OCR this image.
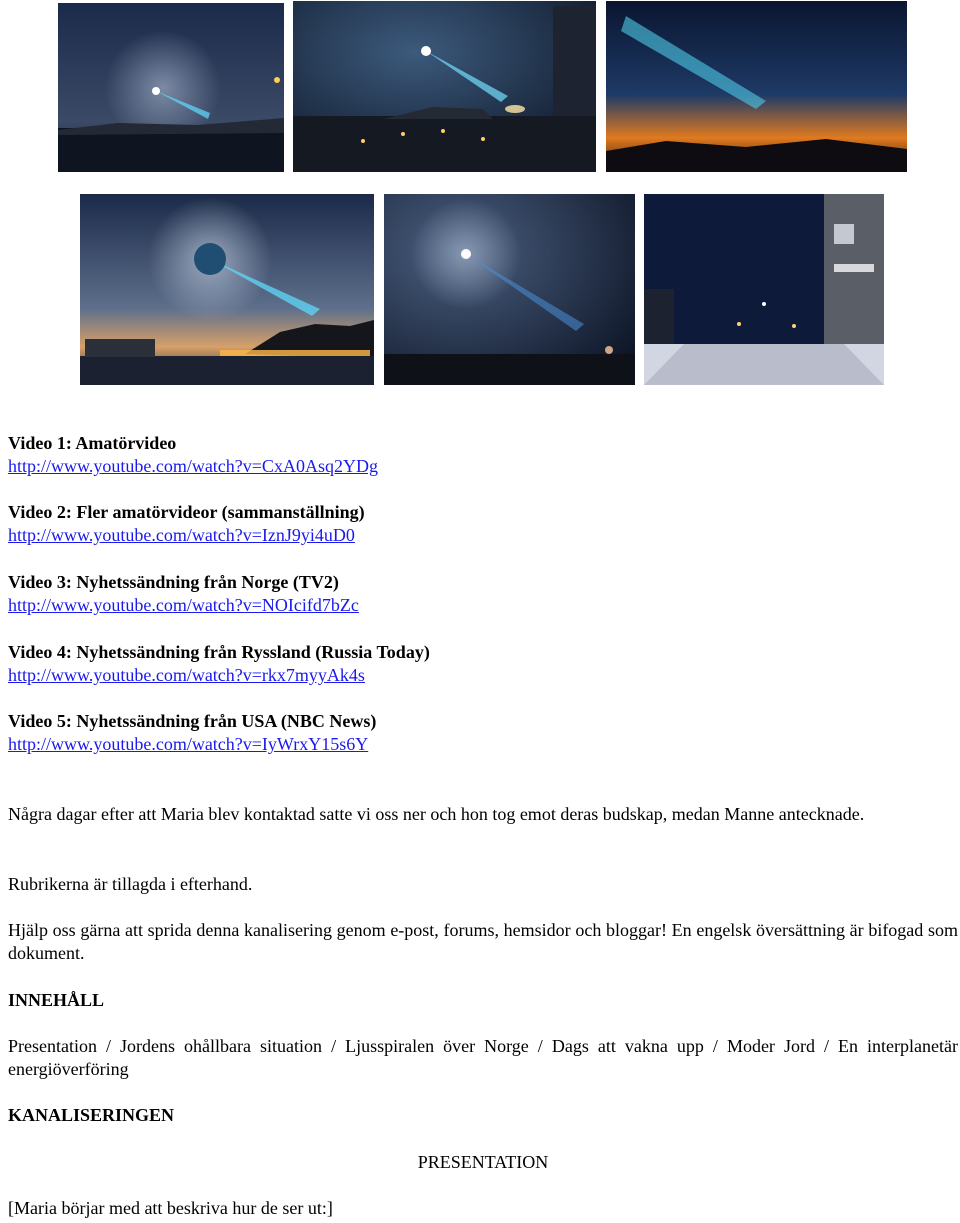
Video 1: Amatörvideo
http://www.youtube.com/watch?v=CxA0Asq2YDg
Video 2: Fler amatörvideor (sammanställning)
http://www.youtube.com/watch?v=IznJ9yi4uD0
Video 3: Nyhetssändning från Norge (TV2)
http://www.youtube.com/watch?v=NOIcifd7bZc
Video 4: Nyhetssändning från Ryssland (Russia Today)
http://www.youtube.com/watch?v=rkx7myyAk4s
Video 5: Nyhetssändning från USA (NBC News)
http://www.youtube.com/watch?v=IyWrxY15s6Y
Några dagar efter att Maria blev kontaktad satte vi oss ner och hon tog emot deras budskap, medan Manne antecknade.
Rubrikerna är tillagda i efterhand.
Hjälp oss gärna att sprida denna kanalisering genom e-post, forums, hemsidor och bloggar! En engelsk översättning är bifogad som dokument.
INNEHÅLL
Presentation / Jordens ohållbara situation / Ljusspiralen över Norge / Dags att vakna upp / Moder Jord / En interplanetär energiöverföring
KANALISERINGEN
PRESENTATION
[Maria börjar med att beskriva hur de ser ut:]
